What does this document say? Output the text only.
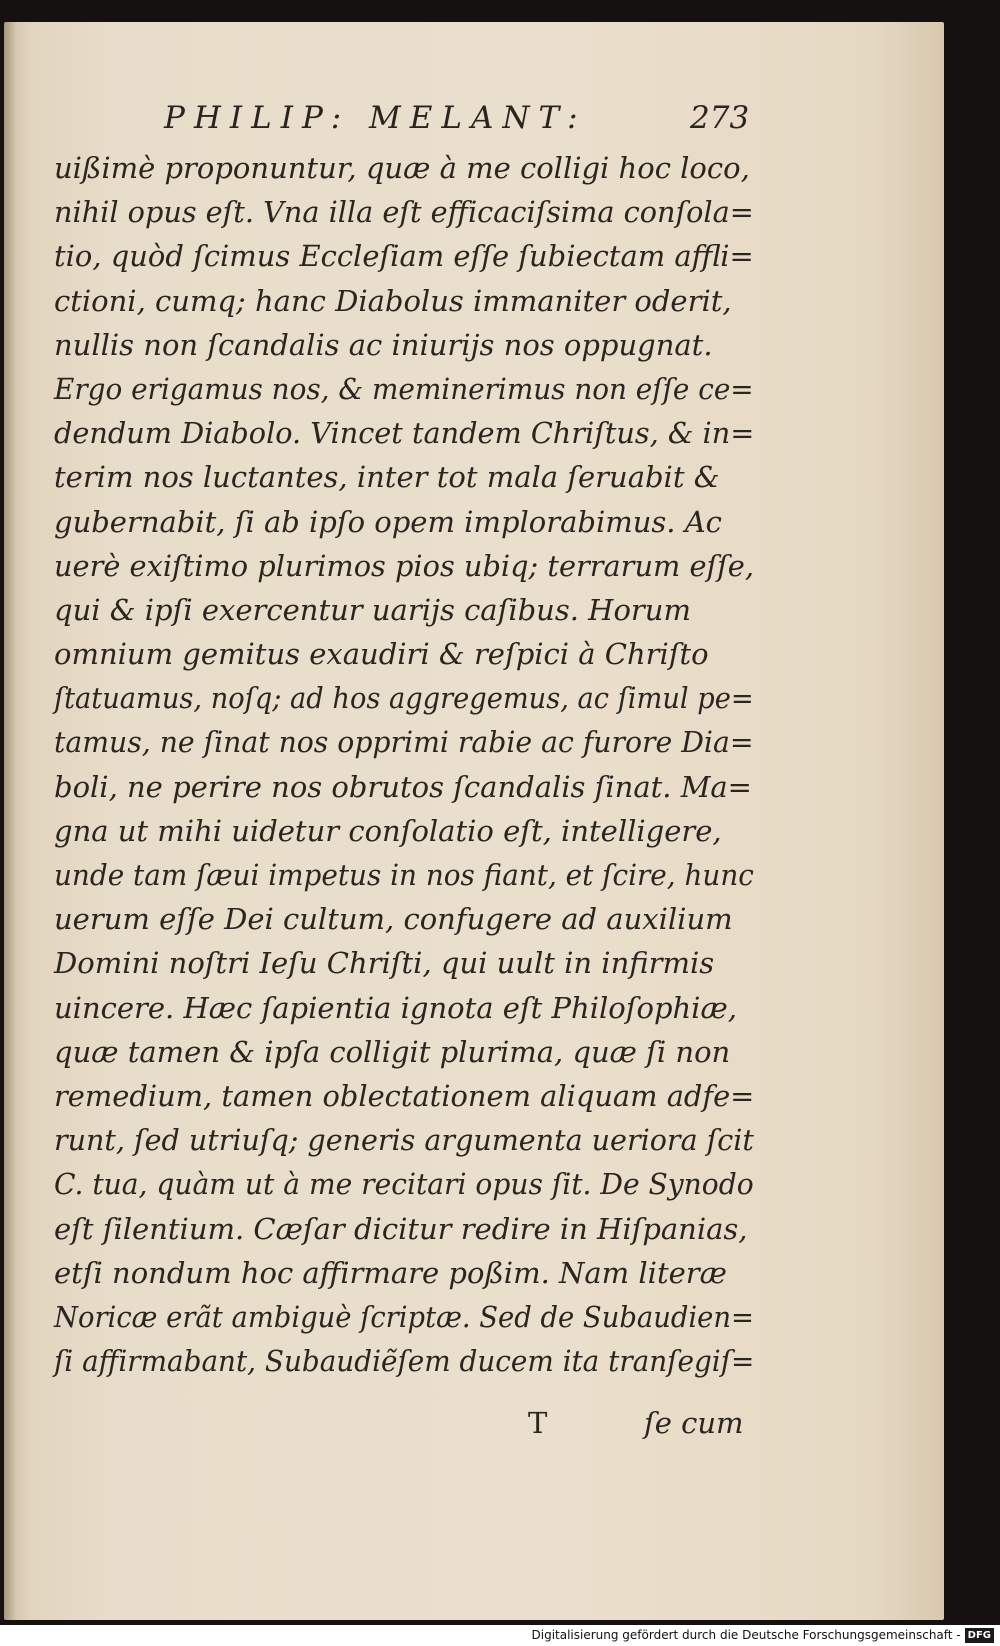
PHILIP: MELANT:	273
uißimè proponuntur, quæ à me colligi hoc loco,
nihil opus eſt. Vna illa eſt efficaciſsima conſola=
tio, quòd ſcimus Eccleſiam eſſe ſubiectam affli=
ctioni, cumq; hanc Diabolus immaniter oderit,
nullis non ſcandalis ac iniurijs nos oppugnat.
Ergo erigamus nos, & meminerimus non eſſe ce=
dendum Diabolo. Vincet tandem Chriſtus, & in=
terim nos luctantes, inter tot mala ſeruabit &
gubernabit, ſi ab ipſo opem implorabimus. Ac
uerè exiſtimo plurimos pios ubiq; terrarum eſſe,
qui & ipſi exercentur uarijs caſibus. Horum
omnium gemitus exaudiri & reſpici à Chriſto
ſtatuamus, noſq; ad hos aggregemus, ac ſimul pe=
tamus, ne ſinat nos opprimi rabie ac furore Dia=
boli, ne perire nos obrutos ſcandalis ſinat. Ma=
gna ut mihi uidetur conſolatio eſt, intelligere,
unde tam ſæui impetus in nos fiant, et ſcire, hunc
uerum eſſe Dei cultum, confugere ad auxilium
Domini noſtri Ieſu Chriſti, qui uult in infirmis
uincere. Hæc ſapientia ignota eſt Philoſophiæ,
quæ tamen & ipſa colligit plurima, quæ ſi non
remedium, tamen oblectationem aliquam adfe=
runt, ſed utriuſq; generis argumenta ueriora ſcit
C. tua, quàm ut à me recitari opus ſit. De Synodo
eſt ſilentium. Cæſar dicitur redire in Hiſpanias,
etſi nondum hoc affirmare poßim. Nam literæ
Noricæ erãt ambiguè ſcriptæ. Sed de Subaudien=
ſi affirmabant, Subaudiẽſem ducem ita tranſegiſ=
T	ſe cum
Digitalisierung gefördert durch die Deutsche Forschungsgemeinschaft - DFG
